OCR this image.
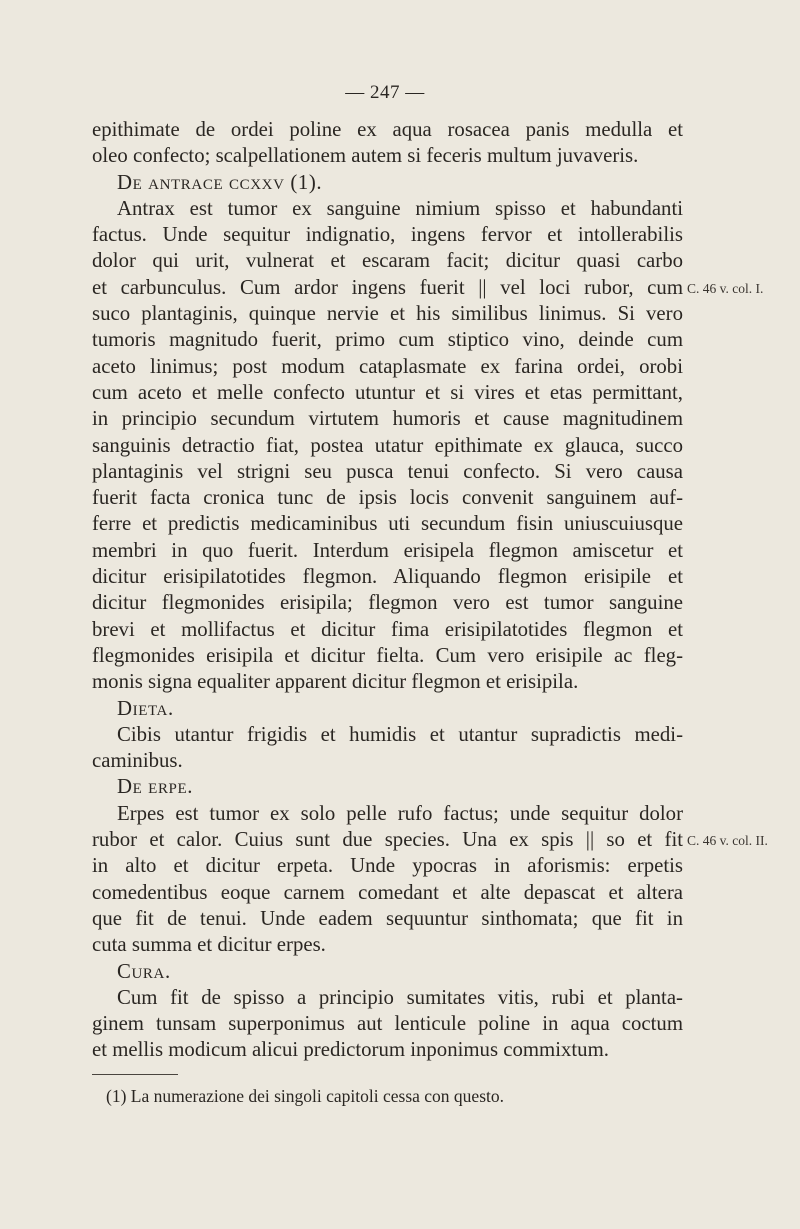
— 247 —
epithimate de ordei poline ex aqua rosacea panis medulla et
oleo confecto; scalpellationem autem si feceris multum juvaveris.
De antrace ccxxv (1).
Antrax est tumor ex sanguine nimium spisso et habundanti
factus. Unde sequitur indignatio, ingens fervor et intollerabilis
dolor qui urit, vulnerat et escaram facit; dicitur quasi carbo
et carbunculus. Cum ardor ingens fuerit || vel loci rubor, cum
suco plantaginis, quinque nervie et his similibus linimus. Si vero
tumoris magnitudo fuerit, primo cum stiptico vino, deinde cum
aceto linimus; post modum cataplasmate ex farina ordei, orobi
cum aceto et melle confecto utuntur et si vires et etas permittant,
in principio secundum virtutem humoris et cause magnitudinem
sanguinis detractio fiat, postea utatur epithimate ex glauca, succo
plantaginis vel strigni seu pusca tenui confecto. Si vero causa
fuerit facta cronica tunc de ipsis locis convenit sanguinem auf-
ferre et predictis medicaminibus uti secundum fisin uniuscuiusque
membri in quo fuerit. Interdum erisipela flegmon amiscetur et
dicitur erisipilatotides flegmon. Aliquando flegmon erisipile et
dicitur flegmonides erisipila; flegmon vero est tumor sanguine
brevi et mollifactus et dicitur fima erisipilatotides flegmon et
flegmonides erisipila et dicitur fielta. Cum vero erisipile ac fleg-
monis signa equaliter apparent dicitur flegmon et erisipila.
Dieta.
Cibis utantur frigidis et humidis et utantur supradictis medi-
caminibus.
De erpe.
Erpes est tumor ex solo pelle rufo factus; unde sequitur dolor
rubor et calor. Cuius sunt due species. Una ex spis || so et fit
in alto et dicitur erpeta. Unde ypocras in aforismis: erpetis
comedentibus eoque carnem comedant et alte depascat et altera
que fit de tenui. Unde eadem sequuntur sinthomata; que fit in
cuta summa et dicitur erpes.
Cura.
Cum fit de spisso a principio sumitates vitis, rubi et planta-
ginem tunsam superponimus aut lenticule poline in aqua coctum
et mellis modicum alicui predictorum inponimus commixtum.
C. 46 v. col. I.
C. 46 v. col. II.
(1) La numerazione dei singoli capitoli cessa con questo.
